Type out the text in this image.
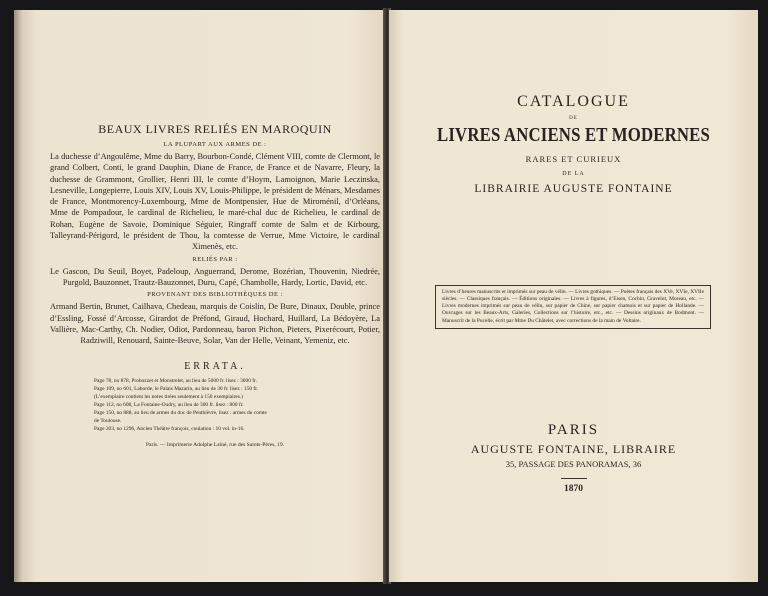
BEAUX LIVRES RELIÉS EN MAROQUIN
LA PLUPART AUX ARMES DE :
La duchesse d’Angoulême, Mme du Barry, Bourbon-Condé, Clément VIII, comte de Clermont, le grand Colbert, Conti, le grand Dauphin, Diane de France, de France et de Navarre, Fleury, la duchesse de Grammont, Grollier, Henri III, le comte d’Hoym, Lamoignon, Marie Leczinska, Lesneville, Longepierre, Louis XIV, Louis XV, Louis-Philippe, le président de Ménars, Mesdames de France, Montmorency-Luxembourg, Mme de Montpensier, Hue de Miroménil, d’Orléans, Mme de Pompadour, le cardinal de Richelieu, le maré-chal duc de Richelieu, le cardinal de Rohan, Eugène de Savoie, Dominique Séguier, Ringraff comte de Salm et de Kirbourg, Talleyrand-Périgord, le président de Thou, la comtesse de Verrue, Mme Victoire, le cardinal Ximenès, etc.
RELIÉS PAR :
Le Gascon, Du Seuil, Boyet, Padeloup, Anguerrand, Derome, Bozérian, Thouvenin, Niedrée, Purgold, Bauzonnet, Trautz-Bauzonnet, Duru, Capé, Chambolle, Hardy, Lortic, David, etc.
PROVENANT DES BIBLIOTHÈQUES DE :
Armand Bertin, Brunet, Cailhava, Chedeau, marquis de Coislin, De Bure, Dinaux, Double, prince d’Essling, Fossé d’Arcosse, Girardot de Préfond, Giraud, Hochard, Huillard, La Bédoyère, La Vallière, Mac-Carthy, Ch. Nodier, Odiot, Pardonneau, baron Pichon, Pieters, Pixerécourt, Potier, Radziwill, Renouard, Sainte-Beuve, Solar, Van der Helle, Veinant, Yemeniz, etc.
ERRATA.
Page 78, no 878, Probozzet et Monstrelet, au lieu de 5000 fr. lisez : 3000 fr.
Page 109, no 601, Laborde, le Palais Mazarin, au lieu de 30 fr. lisez : 150 fr.
(L’exemplaire contient les notes tirées seulement à 150 exemplaires.)
Page 112, no 608, La Fontaine-Oudry, au lieu de 300 fr. lisez : 800 fr.
Page 150, no 888, au lieu de armes du duc de Penthièvre, lisez : armes du comte
de Toulouse.
Page 203, no 1296, Ancien Théâtre françois, coulation : 10 vol. in-16.
Paris. — Imprimerie Adolphe Lainé, rue des Saints-Pères, 19.
CATALOGUE
DE
LIVRES ANCIENS ET MODERNES
RARES ET CURIEUX
DE LA
LIBRAIRIE AUGUSTE FONTAINE
Livres d’heures manuscrits et imprimés sur peau de vélin. — Livres gothiques. — Poètes français des XVe, XVIe, XVIIe siècles. — Classiques français. — Éditions originales. — Livres à figures, d’Eisen, Cochin, Gravelot, Moreau, etc. — Livres modernes imprimés sur peau de vélin, sur papier de Chine, sur papier chamois et sur papier de Hollande. — Ouvrages sur les Beaux-Arts, Galeries, Collections sur l’histoire, etc., etc. — Dessins originaux de Bodmont. — Manuscrit de la Pucelle, écrit par Mme Du Châtelet, avec corrections de la main de Voltaire.
PARIS
AUGUSTE FONTAINE, LIBRAIRE
35, PASSAGE DES PANORAMAS, 36
1870
